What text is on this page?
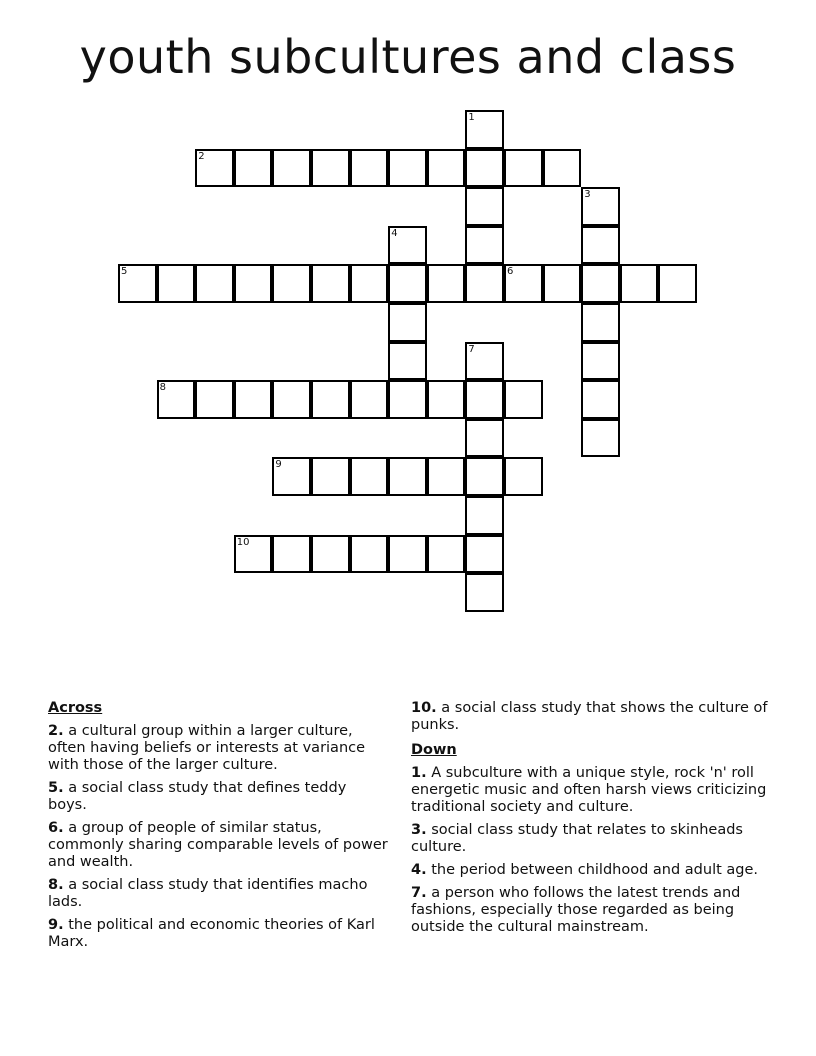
youth subcultures and class
2
5	6
8
9
10
1
3
4
7
Across
2. a cultural group within a larger culture, often having beliefs or interests at variance with those of the larger culture.
5. a social class study that defines teddy boys.
6. a group of people of similar status, commonly sharing comparable levels of power and wealth.
8. a social class study that identifies macho lads.
9. the political and economic theories of Karl Marx.
10. a social class study that shows the culture of punks.
Down
1. A subculture with a unique style, rock 'n' roll energetic music and often harsh views criticizing traditional society and culture.
3. social class study that relates to skinheads culture.
4. the period between childhood and adult age.
7. a person who follows the latest trends and fashions, especially those regarded as being outside the cultural mainstream.
